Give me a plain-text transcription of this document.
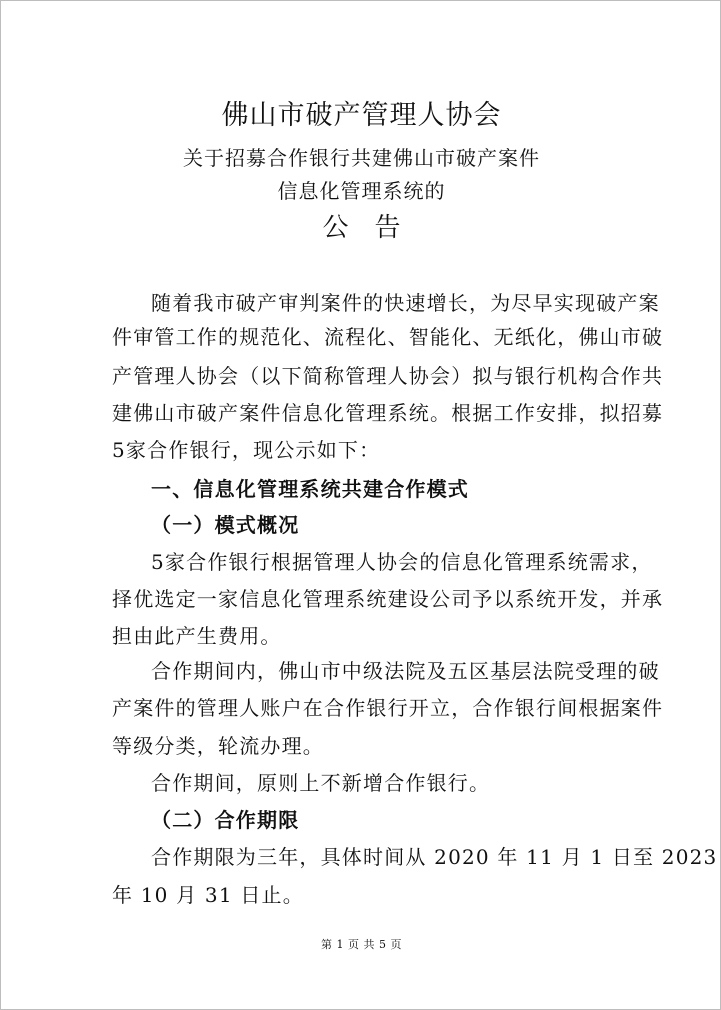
佛山市破产管理人协会
关于招募合作银行共建佛山市破产案件
信息化管理系统的
公告
随着我市破产审判案件的快速增长，为尽早实现破产案
件审管工作的规范化、流程化、智能化、无纸化，佛山市破
产管理人协会（以下简称管理人协会）拟与银行机构合作共
建佛山市破产案件信息化管理系统。根据工作安排，拟招募
5家合作银行，现公示如下：
一、信息化管理系统共建合作模式
（一）模式概况
5家合作银行根据管理人协会的信息化管理系统需求，
择优选定一家信息化管理系统建设公司予以系统开发，并承
担由此产生费用。
合作期间内，佛山市中级法院及五区基层法院受理的破
产案件的管理人账户在合作银行开立，合作银行间根据案件
等级分类，轮流办理。
合作期间，原则上不新增合作银行。
（二）合作期限
合作期限为三年，具体时间从 2020 年 11 月 1 日至 2023
年 10 月 31 日止。
第 1 页 共 5 页
